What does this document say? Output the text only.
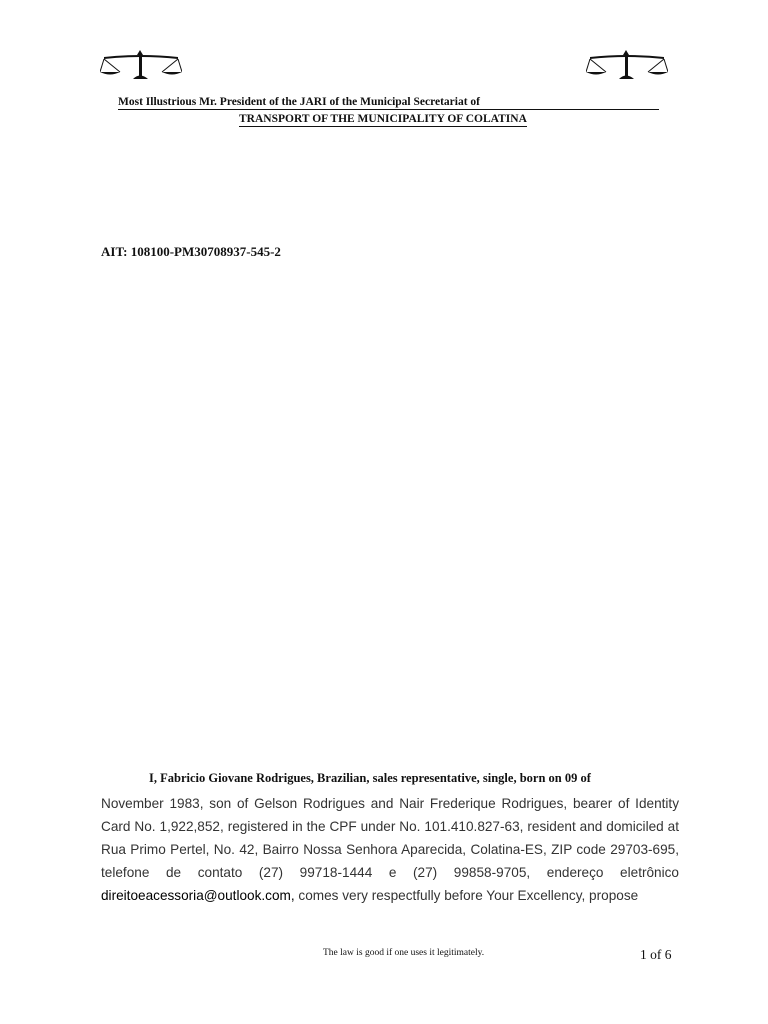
Most Illustrious Mr. President of the JARI of the Municipal Secretariat of
TRANSPORT OF THE MUNICIPALITY OF COLATINA
AIT: 108100-PM30708937-545-2
I, Fabricio Giovane Rodrigues, Brazilian, sales representative, single, born on 09 of
November 1983, son of Gelson Rodrigues and Nair Frederique Rodrigues, bearer of Identity Card No. 1,922,852, registered in the CPF under No. 101.410.827-63, resident and domiciled at Rua Primo Pertel, No. 42, Bairro Nossa Senhora Aparecida, Colatina-ES, ZIP code 29703-695, telefone de contato (27) 99718-1444 e (27) 99858-9705, endereço eletrônico direitoeacessoria@outlook.com, comes very respectfully before Your Excellency, propose
The law is good if one uses it legitimately.	1 of 6
